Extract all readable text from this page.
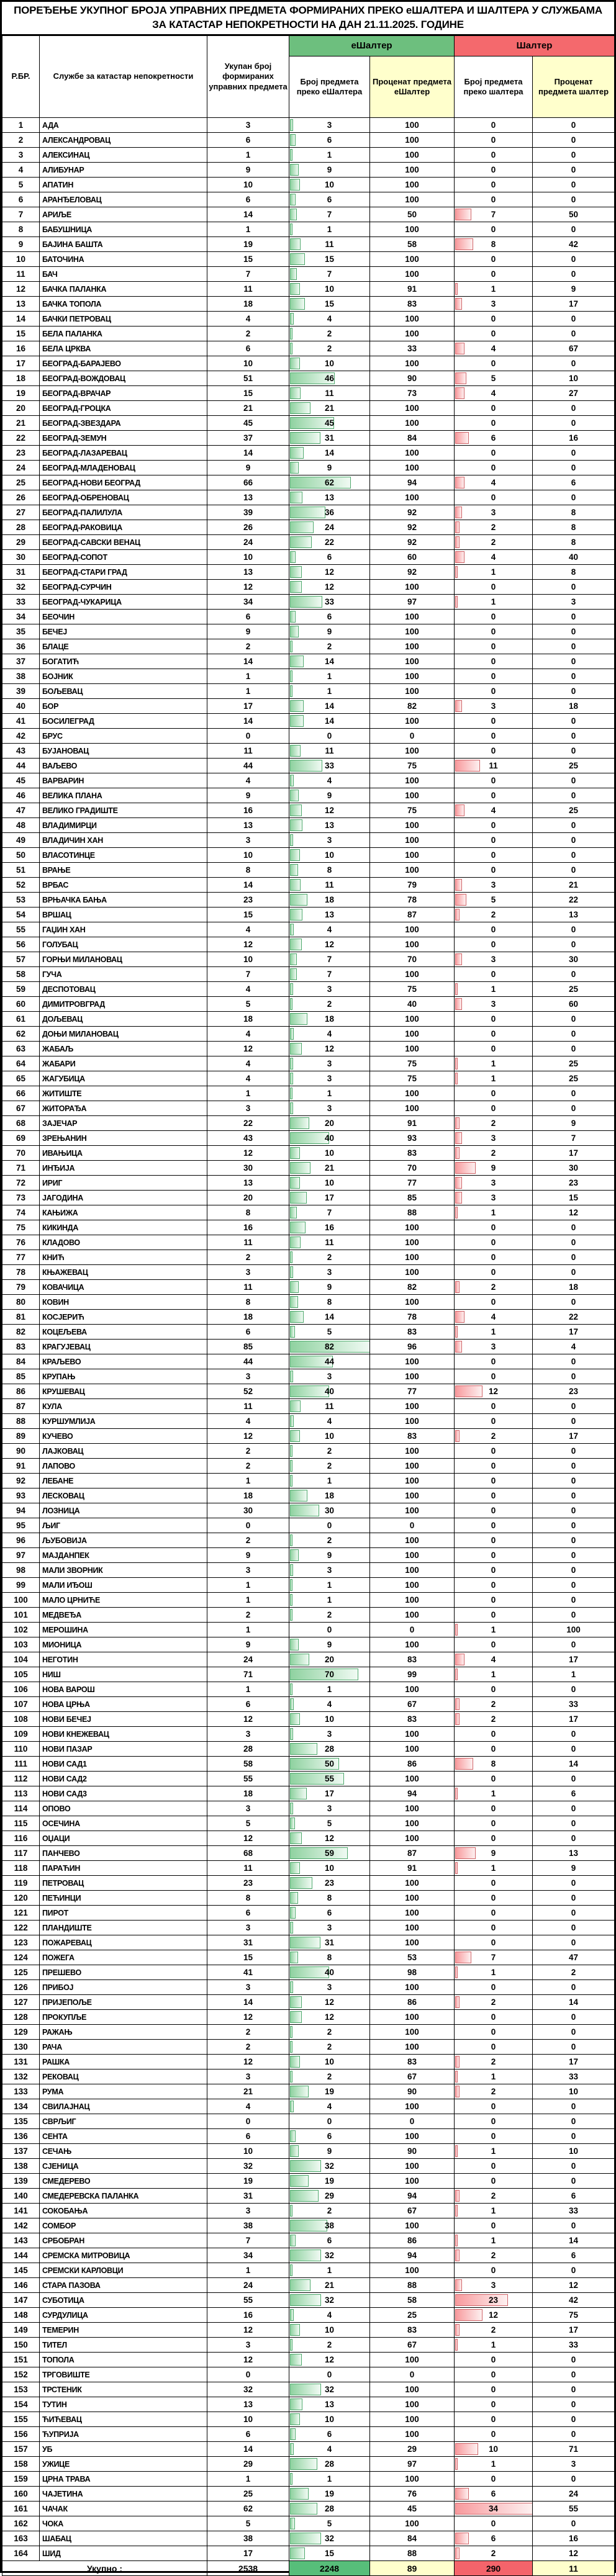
ПОРЕЂЕЊЕ УКУПНОГ БРОЈА УПРАВНИХ ПРЕДМЕТА ФОРМИРАНИХ ПРЕКО еШАЛТЕРА И ШАЛТЕРА У СЛУЖБАМА ЗА КАТАСТАР НЕПОКРЕТНОСТИ НА ДАН 21.11.2025. ГОДИНЕ
Р.БР.	Службе за катастар непокретности	Укупан број формираних управних предмета	еШалтер		Шалтер	
			Број предмета преко еШалтера	Проценат предмета еШалтер	Број предмета преко шалтера	Проценат предмета шалтер
1	АДА	3	3	100	0	0
2	АЛЕКСАНДРОВАЦ	6	6	100	0	0
3	АЛЕКСИНАЦ	1	1	100	0	0
4	АЛИБУНАР	9	9	100	0	0
5	АПАТИН	10	10	100	0	0
6	АРАНЂЕЛОВАЦ	6	6	100	0	0
7	АРИЉЕ	14	7	50	7	50
8	БАБУШНИЦА	1	1	100	0	0
9	БАЈИНА БАШТА	19	11	58	8	42
10	БАТОЧИНА	15	15	100	0	0
11	БАЧ	7	7	100	0	0
12	БАЧКА ПАЛАНКА	11	10	91	1	9
13	БАЧКА ТОПОЛА	18	15	83	3	17
14	БАЧКИ ПЕТРОВАЦ	4	4	100	0	0
15	БЕЛА ПАЛАНКА	2	2	100	0	0
16	БЕЛА ЦРКВА	6	2	33	4	67
17	БЕОГРАД-БАРАЈЕВО	10	10	100	0	0
18	БЕОГРАД-ВОЖДОВАЦ	51	46	90	5	10
19	БЕОГРАД-ВРАЧАР	15	11	73	4	27
20	БЕОГРАД-ГРОЦКА	21	21	100	0	0
21	БЕОГРАД-ЗВЕЗДАРА	45	45	100	0	0
22	БЕОГРАД-ЗЕМУН	37	31	84	6	16
23	БЕОГРАД-ЛАЗАРЕВАЦ	14	14	100	0	0
24	БЕОГРАД-МЛАДЕНОВАЦ	9	9	100	0	0
25	БЕОГРАД-НОВИ БЕОГРАД	66	62	94	4	6
26	БЕОГРАД-ОБРЕНОВАЦ	13	13	100	0	0
27	БЕОГРАД-ПАЛИЛУЛА	39	36	92	3	8
28	БЕОГРАД-РАКОВИЦА	26	24	92	2	8
29	БЕОГРАД-САВСКИ ВЕНАЦ	24	22	92	2	8
30	БЕОГРАД-СОПОТ	10	6	60	4	40
31	БЕОГРАД-СТАРИ ГРАД	13	12	92	1	8
32	БЕОГРАД-СУРЧИН	12	12	100	0	0
33	БЕОГРАД-ЧУКАРИЦА	34	33	97	1	3
34	БЕОЧИН	6	6	100	0	0
35	БЕЧЕЈ	9	9	100	0	0
36	БЛАЦЕ	2	2	100	0	0
37	БОГАТИЋ	14	14	100	0	0
38	БОЈНИК	1	1	100	0	0
39	БОЉЕВАЦ	1	1	100	0	0
40	БОР	17	14	82	3	18
41	БОСИЛЕГРАД	14	14	100	0	0
42	БРУС	0	0	0	0	0
43	БУЈАНОВАЦ	11	11	100	0	0
44	ВАЉЕВО	44	33	75	11	25
45	ВАРВАРИН	4	4	100	0	0
46	ВЕЛИКА ПЛАНА	9	9	100	0	0
47	ВЕЛИКО ГРАДИШТЕ	16	12	75	4	25
48	ВЛАДИМИРЦИ	13	13	100	0	0
49	ВЛАДИЧИН ХАН	3	3	100	0	0
50	ВЛАСОТИНЦЕ	10	10	100	0	0
51	ВРАЊЕ	8	8	100	0	0
52	ВРБАС	14	11	79	3	21
53	ВРЊАЧКА БАЊА	23	18	78	5	22
54	ВРШАЦ	15	13	87	2	13
55	ГАЏИН ХАН	4	4	100	0	0
56	ГОЛУБАЦ	12	12	100	0	0
57	ГОРЊИ МИЛАНОВАЦ	10	7	70	3	30
58	ГУЧА	7	7	100	0	0
59	ДЕСПОТОВАЦ	4	3	75	1	25
60	ДИМИТРОВГРАД	5	2	40	3	60
61	ДОЉЕВАЦ	18	18	100	0	0
62	ДОЊИ МИЛАНОВАЦ	4	4	100	0	0
63	ЖАБАЉ	12	12	100	0	0
64	ЖАБАРИ	4	3	75	1	25
65	ЖАГУБИЦА	4	3	75	1	25
66	ЖИТИШТЕ	1	1	100	0	0
67	ЖИТОРАЂА	3	3	100	0	0
68	ЗАЈЕЧАР	22	20	91	2	9
69	ЗРЕЊАНИН	43	40	93	3	7
70	ИВАЊИЦА	12	10	83	2	17
71	ИНЂИЈА	30	21	70	9	30
72	ИРИГ	13	10	77	3	23
73	ЈАГОДИНА	20	17	85	3	15
74	КАЊИЖА	8	7	88	1	12
75	КИКИНДА	16	16	100	0	0
76	КЛАДОВО	11	11	100	0	0
77	КНИЋ	2	2	100	0	0
78	КЊАЖЕВАЦ	3	3	100	0	0
79	КОВАЧИЦА	11	9	82	2	18
80	КОВИН	8	8	100	0	0
81	КОСЈЕРИЋ	18	14	78	4	22
82	КОЦЕЉЕВА	6	5	83	1	17
83	КРАГУЈЕВАЦ	85	82	96	3	4
84	КРАЉЕВО	44	44	100	0	0
85	КРУПАЊ	3	3	100	0	0
86	КРУШЕВАЦ	52	40	77	12	23
87	КУЛА	11	11	100	0	0
88	КУРШУМЛИЈА	4	4	100	0	0
89	КУЧЕВО	12	10	83	2	17
90	ЛАЈКОВАЦ	2	2	100	0	0
91	ЛАПОВО	2	2	100	0	0
92	ЛЕБАНЕ	1	1	100	0	0
93	ЛЕСКОВАЦ	18	18	100	0	0
94	ЛОЗНИЦА	30	30	100	0	0
95	ЉИГ	0	0	0	0	0
96	ЉУБОВИЈА	2	2	100	0	0
97	МАЈДАНПЕК	9	9	100	0	0
98	МАЛИ ЗВОРНИК	3	3	100	0	0
99	МАЛИ ИЂОШ	1	1	100	0	0
100	МАЛО ЦРНИЋЕ	1	1	100	0	0
101	МЕДВЕЂА	2	2	100	0	0
102	МЕРОШИНА	1	0	0	1	100
103	МИОНИЦА	9	9	100	0	0
104	НЕГОТИН	24	20	83	4	17
105	НИШ	71	70	99	1	1
106	НОВА ВАРОШ	1	1	100	0	0
107	НОВА ЦРЊА	6	4	67	2	33
108	НОВИ БЕЧЕЈ	12	10	83	2	17
109	НОВИ КНЕЖЕВАЦ	3	3	100	0	0
110	НОВИ ПАЗАР	28	28	100	0	0
111	НОВИ САД1	58	50	86	8	14
112	НОВИ САД2	55	55	100	0	0
113	НОВИ САД3	18	17	94	1	6
114	ОПОВО	3	3	100	0	0
115	ОСЕЧИНА	5	5	100	0	0
116	ОЏАЦИ	12	12	100	0	0
117	ПАНЧЕВО	68	59	87	9	13
118	ПАРАЋИН	11	10	91	1	9
119	ПЕТРОВАЦ	23	23	100	0	0
120	ПЕЋИНЦИ	8	8	100	0	0
121	ПИРОТ	6	6	100	0	0
122	ПЛАНДИШТЕ	3	3	100	0	0
123	ПОЖАРЕВАЦ	31	31	100	0	0
124	ПОЖЕГА	15	8	53	7	47
125	ПРЕШЕВО	41	40	98	1	2
126	ПРИБОЈ	3	3	100	0	0
127	ПРИЈЕПОЉЕ	14	12	86	2	14
128	ПРОКУПЉЕ	12	12	100	0	0
129	РАЖАЊ	2	2	100	0	0
130	РАЧА	2	2	100	0	0
131	РАШКА	12	10	83	2	17
132	РЕКОВАЦ	3	2	67	1	33
133	РУМА	21	19	90	2	10
134	СВИЛАЈНАЦ	4	4	100	0	0
135	СВРЉИГ	0	0	0	0	0
136	СЕНТА	6	6	100	0	0
137	СЕЧАЊ	10	9	90	1	10
138	СЈЕНИЦА	32	32	100	0	0
139	СМЕДЕРЕВО	19	19	100	0	0
140	СМЕДЕРЕВСКА ПАЛАНКА	31	29	94	2	6
141	СОКОБАЊА	3	2	67	1	33
142	СОМБОР	38	38	100	0	0
143	СРБОБРАН	7	6	86	1	14
144	СРЕМСКА МИТРОВИЦА	34	32	94	2	6
145	СРЕМСКИ КАРЛОВЦИ	1	1	100	0	0
146	СТАРА ПАЗОВА	24	21	88	3	12
147	СУБОТИЦА	55	32	58	23	42
148	СУРДУЛИЦА	16	4	25	12	75
149	ТЕМЕРИН	12	10	83	2	17
150	ТИТЕЛ	3	2	67	1	33
151	ТОПОЛА	12	12	100	0	0
152	ТРГОВИШТЕ	0	0	0	0	0
153	ТРСТЕНИК	32	32	100	0	0
154	ТУТИН	13	13	100	0	0
155	ЋИЋЕВАЦ	10	10	100	0	0
156	ЋУПРИЈА	6	6	100	0	0
157	УБ	14	4	29	10	71
158	УЖИЦЕ	29	28	97	1	3
159	ЦРНА ТРАВА	1	1	100	0	0
160	ЧАЈЕТИНА	25	19	76	6	24
161	ЧАЧАК	62	28	45	34	55
162	ЧОКА	5	5	100	0	0
163	ШАБАЦ	38	32	84	6	16
164	ШИД	17	15	88	2	12
Укупно :		2538	2248	89	290	11
